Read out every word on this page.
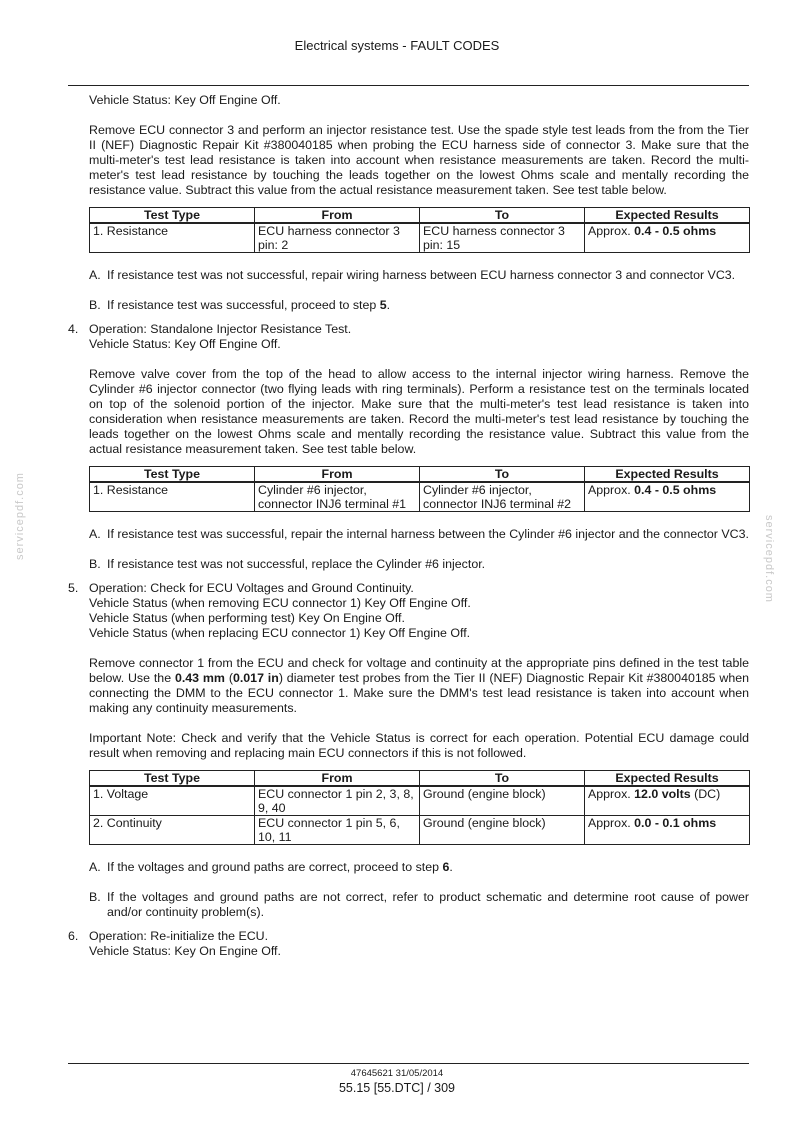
Electrical systems - FAULT CODES
servicepdf.com	servicepdf.com

Vehicle Status: Key Off Engine Off.

Remove ECU connector 3 and perform an injector resistance test. Use the spade style test leads from the from the Tier II (NEF) Diagnostic Repair Kit #380040185 when probing the ECU harness side of connector 3. Make sure that the multi-meter's test lead resistance is taken into account when resistance measurements are taken. Record the multi-meter's test lead resistance by touching the leads together on the lowest Ohms scale and mentally recording the resistance value. Subtract this value from the actual resistance measurement taken. See test table below.

Test Type	From	To	Expected Results
1. Resistance	ECU harness connector 3 pin: 2	ECU harness connector 3 pin: 15	Approx. 0.4 - 0.5 ohms
A. If resistance test was not successful, repair wiring harness between ECU harness connector 3 and connector VC3.
B. If resistance test was successful, proceed to step 5.
4. Operation: Standalone Injector Resistance Test.

Vehicle Status: Key Off Engine Off.

Remove valve cover from the top of the head to allow access to the internal injector wiring harness. Remove the Cylinder #6 injector connector (two flying leads with ring terminals). Perform a resistance test on the terminals located on top of the solenoid portion of the injector. Make sure that the multi-meter's test lead resistance is taken into consideration when resistance measurements are taken. Record the multi-meter's test lead resistance by touching the leads together on the lowest Ohms scale and mentally recording the resistance value. Subtract this value from the actual resistance measurement taken. See test table below.

Test Type	From	To	Expected Results
1. Resistance	Cylinder #6 injector, connector INJ6 terminal #1	Cylinder #6 injector, connector INJ6 terminal #2	Approx. 0.4 - 0.5 ohms
A. If resistance test was successful, repair the internal harness between the Cylinder #6 injector and the connector VC3.
B. If resistance test was not successful, replace the Cylinder #6 injector.
5. Operation: Check for ECU Voltages and Ground Continuity.

Vehicle Status (when removing ECU connector 1) Key Off Engine Off.

Vehicle Status (when performing test) Key On Engine Off.

Vehicle Status (when replacing ECU connector 1) Key Off Engine Off.

Remove connector 1 from the ECU and check for voltage and continuity at the appropriate pins defined in the test table below. Use the 0.43 mm (0.017 in) diameter test probes from the Tier II (NEF) Diagnostic Repair Kit #380040185 when connecting the DMM to the ECU connector 1. Make sure the DMM's test lead resistance is taken into account when making any continuity measurements.

Important Note: Check and verify that the Vehicle Status is correct for each operation. Potential ECU damage could result when removing and replacing main ECU connectors if this is not followed.

Test Type	From	To	Expected Results
1. Voltage	ECU connector 1 pin 2, 3, 8, 9, 40	Ground (engine block)	Approx. 12.0 volts (DC)
2. Continuity	ECU connector 1 pin 5, 6, 10, 11	Ground (engine block)	Approx. 0.0 - 0.1 ohms
A. If the voltages and ground paths are correct, proceed to step 6.
B. If the voltages and ground paths are not correct, refer to product schematic and determine root cause of power and/or continuity problem(s).
6. Operation: Re-initialize the ECU.

Vehicle Status: Key On Engine Off.

47645621 31/05/2014
55.15 [55.DTC] / 309
